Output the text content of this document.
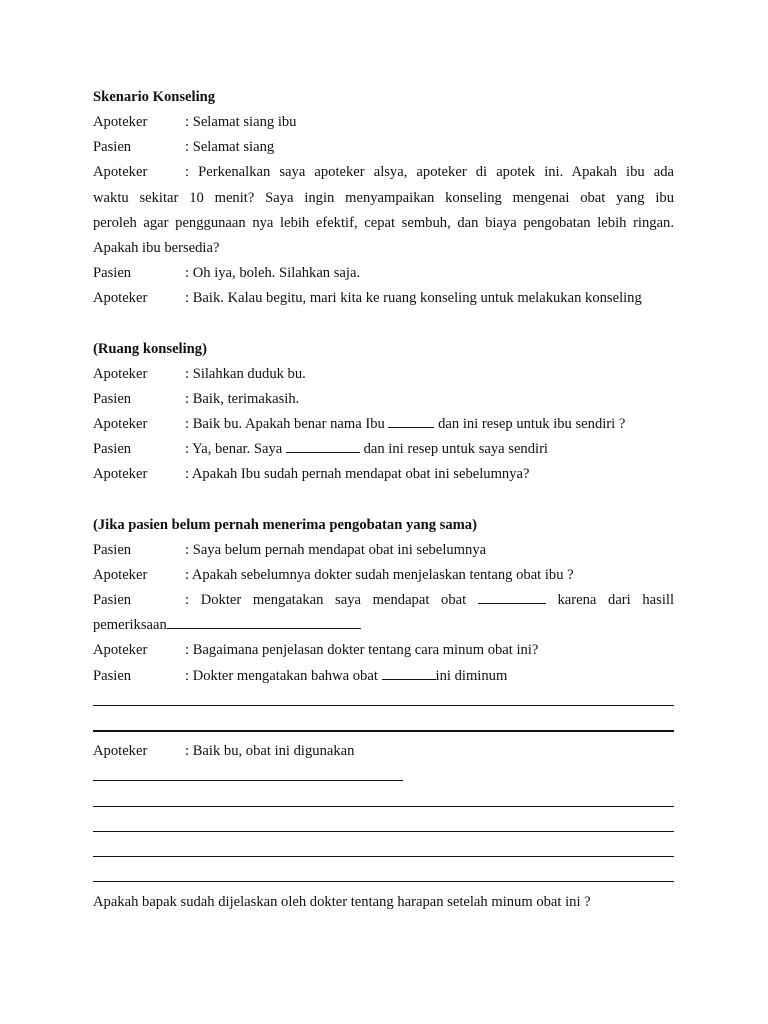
Skenario Konseling
Apoteker	: Selamat siang ibu
Pasien	: Selamat siang
Apoteker	: Perkenalkan saya apoteker alsya, apoteker di apotek ini. Apakah ibu ada
waktu sekitar 10 menit? Saya ingin menyampaikan konseling mengenai obat yang ibu
peroleh agar penggunaan nya lebih efektif, cepat sembuh, dan biaya pengobatan lebih ringan.
Apakah ibu bersedia?
Pasien	: Oh iya, boleh. Silahkan saja.
Apoteker	: Baik. Kalau begitu, mari kita ke ruang konseling untuk melakukan konseling
(Ruang konseling)
Apoteker	: Silahkan duduk bu.
Pasien	: Baik, terimakasih.
Apoteker	: Baik bu. Apakah benar nama Ibu	dan ini resep untuk ibu sendiri ?
Pasien	: Ya, benar. Saya	dan ini resep untuk saya sendiri
Apoteker	: Apakah Ibu sudah pernah mendapat obat ini sebelumnya?
(Jika pasien belum pernah menerima pengobatan yang sama)
Pasien	: Saya belum pernah mendapat obat ini sebelumnya
Apoteker	: Apakah sebelumnya dokter sudah menjelaskan tentang obat ibu ?
Pasien	: Dokter mengatakan saya mendapat obat	karena dari hasill
pemeriksaan
Apoteker	: Bagaimana penjelasan dokter tentang cara minum obat ini?
Pasien	: Dokter mengatakan bahwa obat	ini diminum
Apoteker	: Baik bu, obat ini digunakan
Apakah bapak sudah dijelaskan oleh dokter tentang harapan setelah minum obat ini ?
